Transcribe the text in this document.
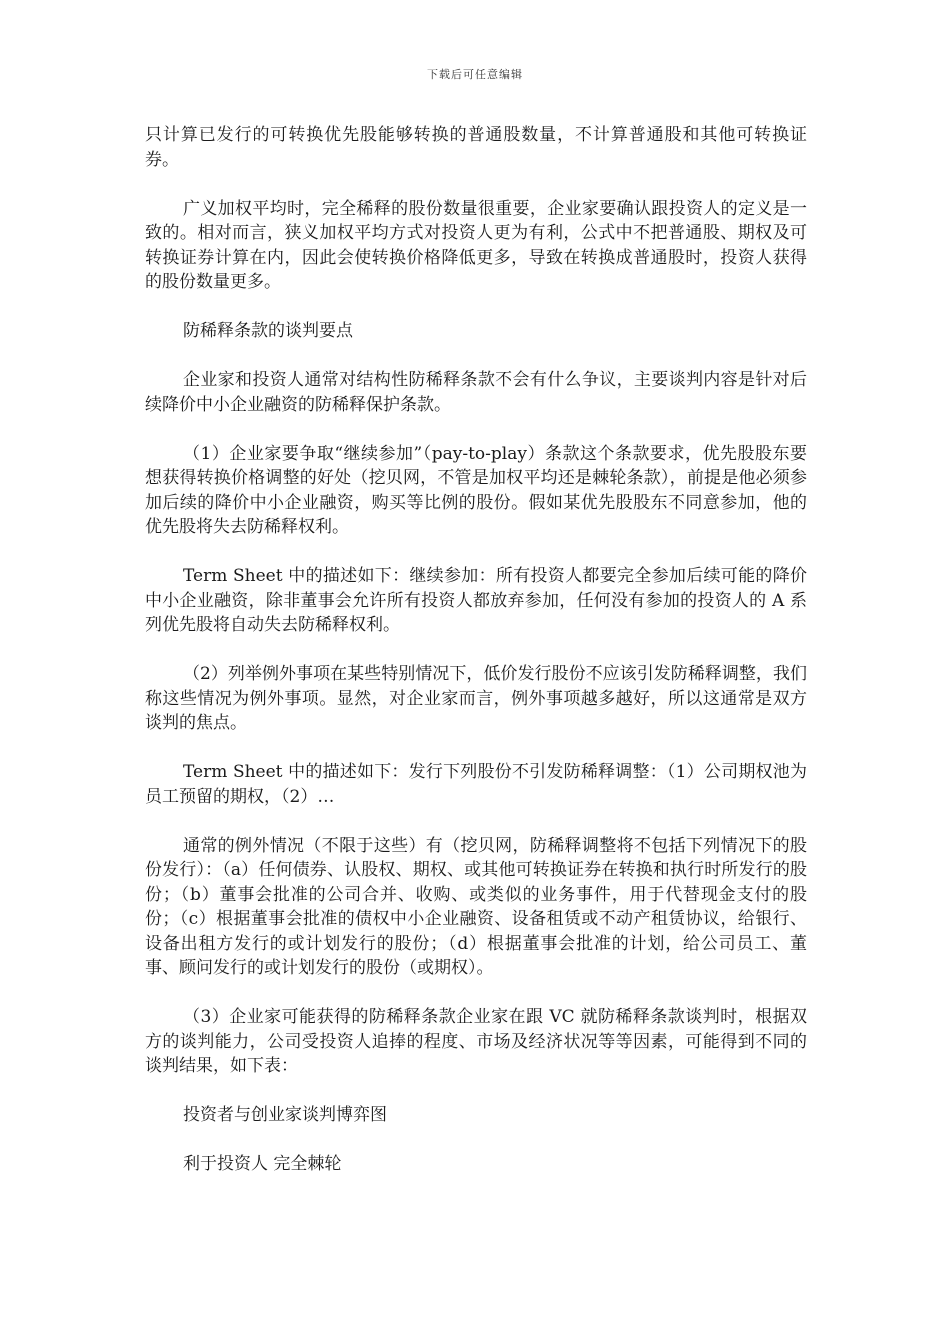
下载后可任意编辑

只计算已发行的可转换优先股能够转换的普通股数量，不计算普通股和其他可转换证券。

广义加权平均时，完全稀释的股份数量很重要，企业家要确认跟投资人的定义是一致的。相对而言，狭义加权平均方式对投资人更为有利，公式中不把普通股、期权及可转换证券计算在内，因此会使转换价格降低更多，导致在转换成普通股时，投资人获得的股份数量更多。

防稀释条款的谈判要点

企业家和投资人通常对结构性防稀释条款不会有什么争议，主要谈判内容是针对后续降价中小企业融资的防稀释保护条款。

（1）企业家要争取“继续参加”（pay-to-play）条款这个条款要求，优先股股东要想获得转换价格调整的好处（挖贝网，不管是加权平均还是棘轮条款），前提是他必须参加后续的降价中小企业融资，购买等比例的股份。假如某优先股股东不同意参加，他的优先股将失去防稀释权利。

Term Sheet 中的描述如下：继续参加：所有投资人都要完全参加后续可能的降价中小企业融资，除非董事会允许所有投资人都放弃参加，任何没有参加的投资人的 A 系列优先股将自动失去防稀释权利。

（2）列举例外事项在某些特别情况下，低价发行股份不应该引发防稀释调整，我们称这些情况为例外事项。显然，对企业家而言，例外事项越多越好，所以这通常是双方谈判的焦点。

Term Sheet 中的描述如下：发行下列股份不引发防稀释调整：（1）公司期权池为员工预留的期权，（2）…

通常的例外情况（不限于这些）有（挖贝网，防稀释调整将不包括下列情况下的股份发行）：（a）任何债券、认股权、期权、或其他可转换证券在转换和执行时所发行的股份；（b）董事会批准的公司合并、收购、或类似的业务事件，用于代替现金支付的股份；（c）根据董事会批准的债权中小企业融资、设备租赁或不动产租赁协议，给银行、设备出租方发行的或计划发行的股份；（d）根据董事会批准的计划，给公司员工、董事、顾问发行的或计划发行的股份（或期权）。

（3）企业家可能获得的防稀释条款企业家在跟 VC 就防稀释条款谈判时，根据双方的谈判能力，公司受投资人追捧的程度、市场及经济状况等等因素，可能得到不同的谈判结果，如下表：

投资者与创业家谈判博弈图

利于投资人 完全棘轮
